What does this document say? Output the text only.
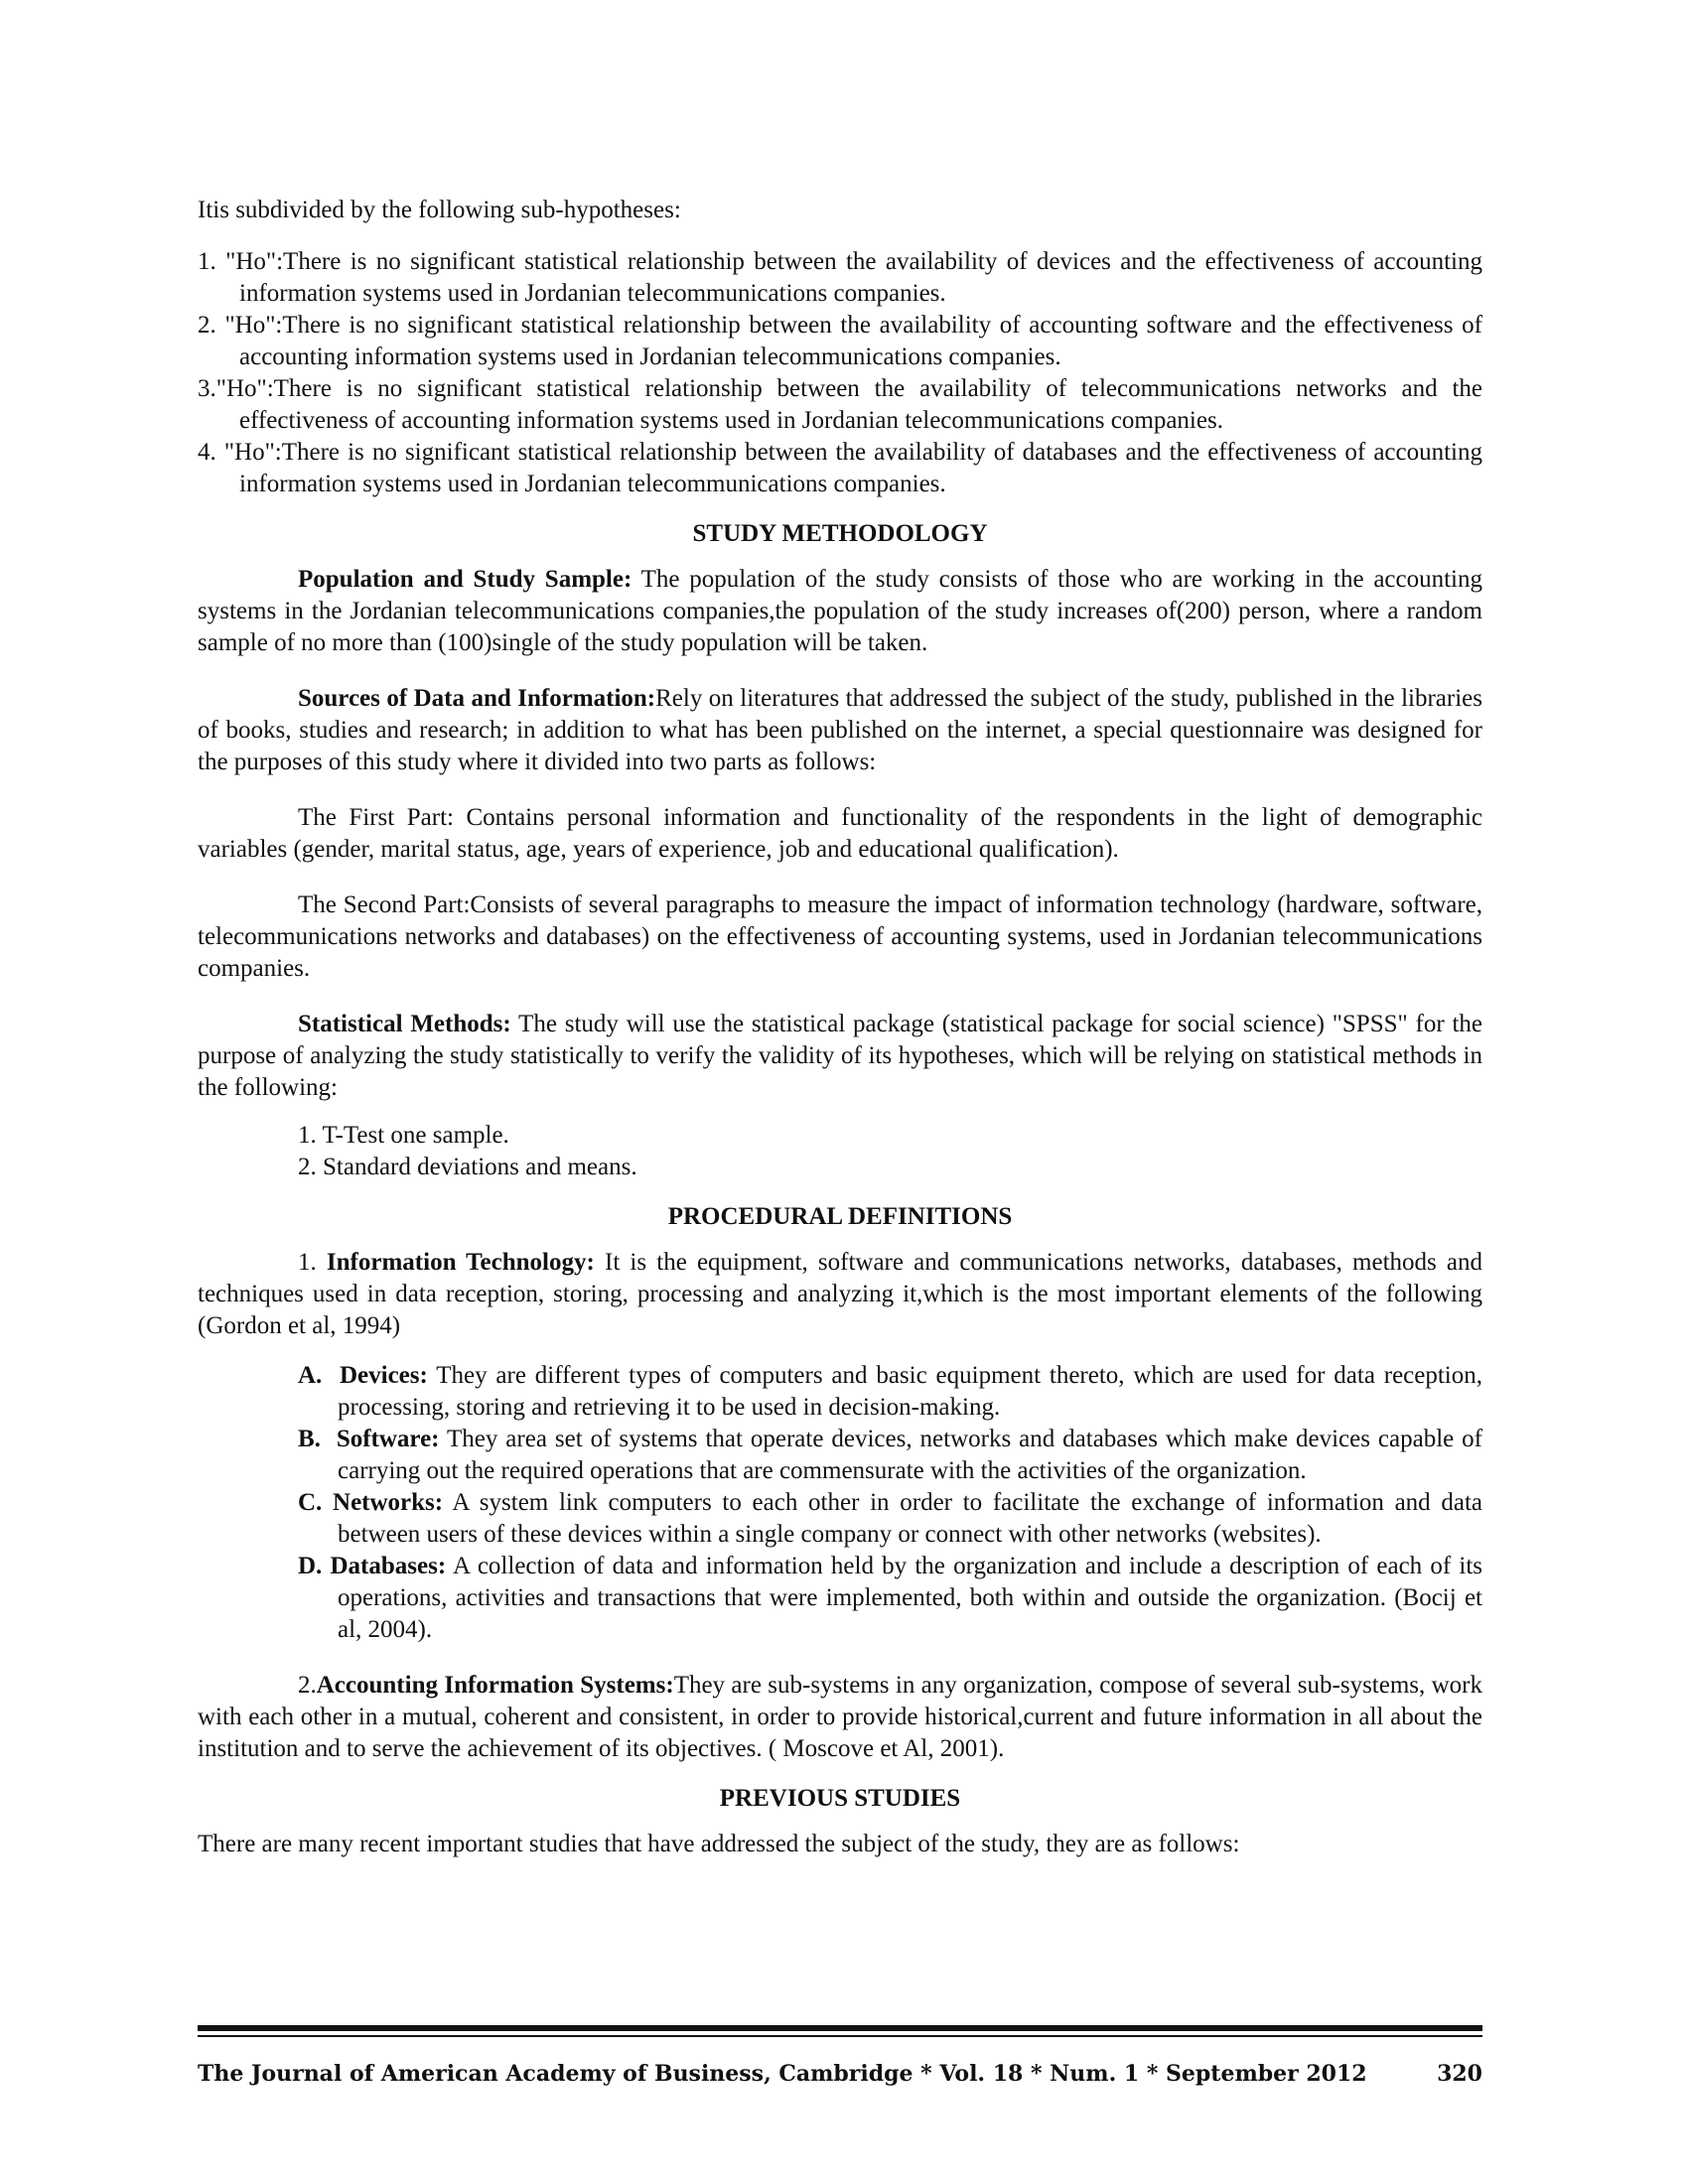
Itis subdivided by the following sub-hypotheses:

1. "Ho":There is no significant statistical relationship between the availability of devices and the effectiveness of accounting information systems used in Jordanian telecommunications companies.
2. "Ho":There is no significant statistical relationship between the availability of accounting software and the effectiveness of accounting information systems used in Jordanian telecommunications companies.
3."Ho":There is no significant statistical relationship between the availability of telecommunications networks and the effectiveness of accounting information systems used in Jordanian telecommunications companies.
4. "Ho":There is no significant statistical relationship between the availability of databases and the effectiveness of accounting information systems used in Jordanian telecommunications companies.
STUDY METHODOLOGY

Population and Study Sample: The population of the study consists of those who are working in the accounting systems in the Jordanian telecommunications companies,the population of the study increases of(200) person, where a random sample of no more than (100)single of the study population will be taken.

Sources of Data and Information:Rely on literatures that addressed the subject of the study, published in the libraries of books, studies and research; in addition to what has been published on the internet, a special questionnaire was designed for the purposes of this study where it divided into two parts as follows:

The First Part: Contains personal information and functionality of the respondents in the light of demographic variables (gender, marital status, age, years of experience, job and educational qualification).

The Second Part:Consists of several paragraphs to measure the impact of information technology (hardware, software, telecommunications networks and databases) on the effectiveness of accounting systems, used in Jordanian telecommunications companies.

Statistical Methods: The study will use the statistical package (statistical package for social science) "SPSS" for the purpose of analyzing the study statistically to verify the validity of its hypotheses, which will be relying on statistical methods in the following:

1. T-Test one sample.
2. Standard deviations and means.
PROCEDURAL DEFINITIONS

1. Information Technology: It is the equipment, software and communications networks, databases, methods and techniques used in data reception, storing, processing and analyzing it,which is the most important elements of the following (Gordon et al, 1994)

A. Devices: They are different types of computers and basic equipment thereto, which are used for data reception, processing, storing and retrieving it to be used in decision-making.
B. Software: They area set of systems that operate devices, networks and databases which make devices capable of carrying out the required operations that are commensurate with the activities of the organization.
C. Networks: A system link computers to each other in order to facilitate the exchange of information and data between users of these devices within a single company or connect with other networks (websites).
D. Databases: A collection of data and information held by the organization and include a description of each of its operations, activities and transactions that were implemented, both within and outside the organization. (Bocij et al, 2004).

2.Accounting Information Systems:They are sub-systems in any organization, compose of several sub-systems, work with each other in a mutual, coherent and consistent, in order to provide historical,current and future information in all about the institution and to serve the achievement of its objectives. ( Moscove et Al, 2001).

PREVIOUS STUDIES

There are many recent important studies that have addressed the subject of the study, they are as follows:

The Journal of American Academy of Business, Cambridge * Vol. 18 * Num. 1 * September 2012	320
